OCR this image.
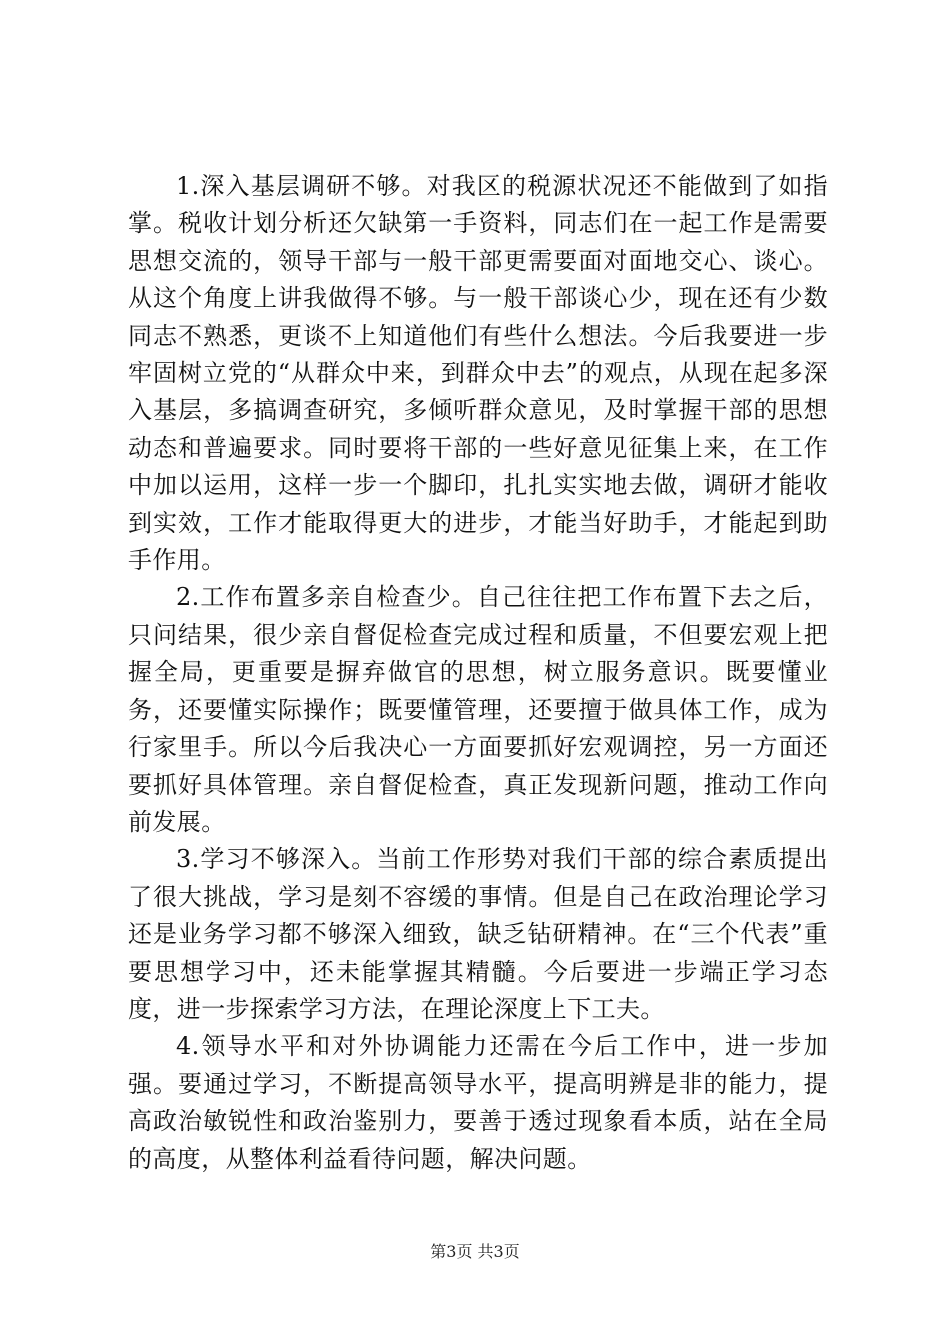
1.深入基层调研不够。对我区的税源状况还不能做到了如指掌。税收计划分析还欠缺第一手资料，同志们在一起工作是需要思想交流的，领导干部与一般干部更需要面对面地交心、谈心。从这个角度上讲我做得不够。与一般干部谈心少，现在还有少数同志不熟悉，更谈不上知道他们有些什么想法。今后我要进一步牢固树立党的“从群众中来，到群众中去”的观点，从现在起多深入基层，多搞调查研究，多倾听群众意见，及时掌握干部的思想动态和普遍要求。同时要将干部的一些好意见征集上来，在工作中加以运用，这样一步一个脚印，扎扎实实地去做，调研才能收到实效，工作才能取得更大的进步，才能当好助手，才能起到助手作用。

2.工作布置多亲自检查少。自己往往把工作布置下去之后，只问结果，很少亲自督促检查完成过程和质量，不但要宏观上把握全局，更重要是摒弃做官的思想，树立服务意识。既要懂业务，还要懂实际操作；既要懂管理，还要擅于做具体工作，成为行家里手。所以今后我决心一方面要抓好宏观调控，另一方面还要抓好具体管理。亲自督促检查，真正发现新问题，推动工作向前发展。

3.学习不够深入。当前工作形势对我们干部的综合素质提出了很大挑战，学习是刻不容缓的事情。但是自己在政治理论学习还是业务学习都不够深入细致，缺乏钻研精神。在“三个代表”重要思想学习中，还未能掌握其精髓。今后要进一步端正学习态度，进一步探索学习方法，在理论深度上下工夫。

4.领导水平和对外协调能力还需在今后工作中，进一步加强。要通过学习，不断提高领导水平，提高明辨是非的能力，提高政治敏锐性和政治鉴别力，要善于透过现象看本质，站在全局的高度，从整体利益看待问题，解决问题。

第3页 共3页
